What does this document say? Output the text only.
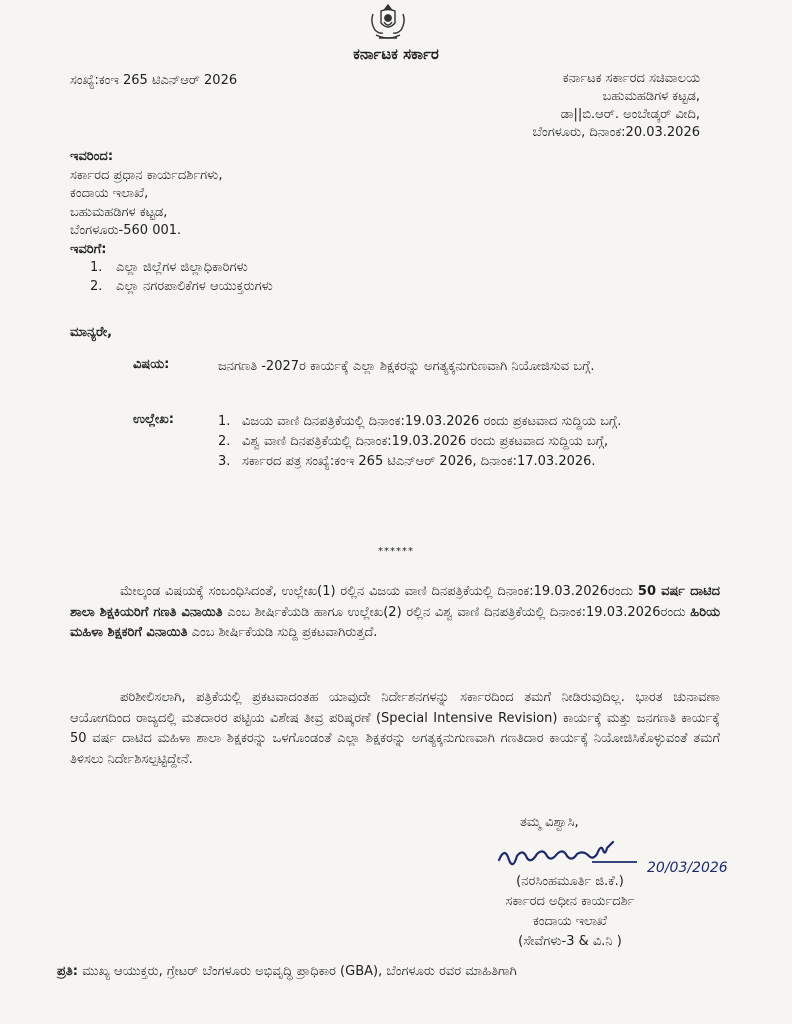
ಕರ್ನಾಟಕ ಸರ್ಕಾರ
ಸಂಖ್ಯೆ:ಕಂಇ 265 ಟಿಎನ್‌ಆರ್ 2026	ಕರ್ನಾಟಕ ಸರ್ಕಾರದ ಸಚಿವಾಲಯ
ಬಹುಮಹಡಿಗಳ ಕಟ್ಟಡ,
ಡಾ||ಬಿ.ಆರ್. ಅಂಬೇಡ್ಕರ್ ವೀದಿ,
ಬೆಂಗಳೂರು, ದಿನಾಂಕ:20.03.2026
ಇವರಿಂದ:
ಸರ್ಕಾರದ ಪ್ರಧಾನ ಕಾರ್ಯದರ್ಶಿಗಳು,
ಕಂದಾಯ ಇಲಾಖೆ,
ಬಹುಮಹಡಿಗಳ ಕಟ್ಟಡ,
ಬೆಂಗಳೂರು-560 001.
ಇವರಿಗೆ:
1. ಎಲ್ಲಾ ಜಿಲ್ಲೆಗಳ ಜಿಲ್ಲಾಧಿಕಾರಿಗಳು
2. ಎಲ್ಲಾ ನಗರಪಾಲಿಕೆಗಳ ಆಯುಕ್ತರುಗಳು
ಮಾನ್ಯರೇ,
ವಿಷಯ:	ಜನಗಣತಿ -2027ರ ಕಾರ್ಯಕ್ಕೆ ಎಲ್ಲಾ ಶಿಕ್ಷಕರನ್ನು ಅಗತ್ಯಕ್ಕನುಗುಣವಾಗಿ ನಿಯೋಜಿಸುವ ಬಗ್ಗೆ.
ಉಲ್ಲೇಖ:	1. ವಿಜಯ ವಾಣಿ ದಿನಪತ್ರಿಕೆಯಲ್ಲಿ ದಿನಾಂಕ:19.03.2026 ರಂದು ಪ್ರಕಟವಾದ ಸುದ್ದಿಯ ಬಗ್ಗೆ.
2. ವಿಶ್ವ ವಾಣಿ ದಿನಪತ್ರಿಕೆಯಲ್ಲಿ ದಿನಾಂಕ:19.03.2026 ರಂದು ಪ್ರಕಟವಾದ ಸುದ್ದಿಯ ಬಗ್ಗೆ,
3. ಸರ್ಕಾರದ ಪತ್ರ ಸಂಖ್ಯೆ:ಕಂಇ 265 ಟಿಎನ್‌ಆರ್ 2026, ದಿನಾಂಕ:17.03.2026.
******
ಮೇಲ್ಕಂಡ ವಿಷಯಕ್ಕೆ ಸಂಬಂಧಿಸಿದಂತೆ, ಉಲ್ಲೇಖ(1) ರಲ್ಲಿನ ವಿಜಯ ವಾಣಿ ದಿನಪತ್ರಿಕೆಯಲ್ಲಿ ದಿನಾಂಕ:19.03.2026ರಂದು 50 ವರ್ಷ ದಾಟಿದ ಶಾಲಾ ಶಿಕ್ಷಕಿಯರಿಗೆ ಗಣತಿ ವಿನಾಯಿತಿ ಎಂಬ ಶೀರ್ಷಿಕೆಯಡಿ ಹಾಗೂ ಉಲ್ಲೇಖ(2) ರಲ್ಲಿನ ವಿಶ್ವ ವಾಣಿ ದಿನಪತ್ರಿಕೆಯಲ್ಲಿ ದಿನಾಂಕ:19.03.2026ರಂದು ಹಿರಿಯ ಮಹಿಳಾ ಶಿಕ್ಷಕರಿಗೆ ವಿನಾಯಿತಿ ಎಂಬ ಶೀರ್ಷಿಕೆಯಡಿ ಸುದ್ದಿ ಪ್ರಕಟವಾಗಿರುತ್ತದೆ.
ಪರಿಶೀಲಿಸಲಾಗಿ, ಪತ್ರಿಕೆಯಲ್ಲಿ ಪ್ರಕಟವಾದಂತಹ ಯಾವುದೇ ನಿರ್ದೇಶನಗಳನ್ನು ಸರ್ಕಾರದಿಂದ ತಮಗೆ ನೀಡಿರುವುದಿಲ್ಲ. ಭಾರತ ಚುನಾವಣಾ ಆಯೋಗದಿಂದ ರಾಜ್ಯದಲ್ಲಿ ಮತದಾರರ ಪಟ್ಟಿಯ ವಿಶೇಷ ತೀವ್ರ ಪರಿಷ್ಕರಣೆ (Special Intensive Revision) ಕಾರ್ಯಕ್ಕೆ ಮತ್ತು ಜನಗಣತಿ ಕಾರ್ಯಕ್ಕೆ 50 ವರ್ಷ ದಾಟಿದ ಮಹಿಳಾ ಶಾಲಾ ಶಿಕ್ಷಕರನ್ನು ಒಳಗೊಂಡಂತೆ ಎಲ್ಲಾ ಶಿಕ್ಷಕರನ್ನು ಅಗತ್ಯಕ್ಕನುಗುಣವಾಗಿ ಗಣತಿದಾರ ಕಾರ್ಯಕ್ಕೆ ನಿಯೋಜಿಸಿಕೊಳ್ಳುವಂತೆ ತಮಗೆ ತಿಳಿಸಲು ನಿರ್ದೇಶಿಸಲ್ಪಟ್ಟಿದ್ದೇನೆ.
ತಮ್ಮ ವಿಶ್ವಾಸಿ,
20/03/2026
(ನರಸಿಂಹಮೂರ್ತಿ ಜಿ.ಕೆ.)
ಸರ್ಕಾರದ ಅಧೀನ ಕಾರ್ಯದರ್ಶಿ
ಕಂದಾಯ ಇಲಾಖೆ
(ಸೇವೆಗಳು-3 & ವಿ.ನಿ )
ಪ್ರತಿ: ಮುಖ್ಯ ಆಯುಕ್ತರು, ಗ್ರೇಟರ್ ಬೆಂಗಳೂರು ಅಭಿವೃದ್ಧಿ ಪ್ರಾಧಿಕಾರ (GBA), ಬೆಂಗಳೂರು ರವರ ಮಾಹಿತಿಗಾಗಿ
